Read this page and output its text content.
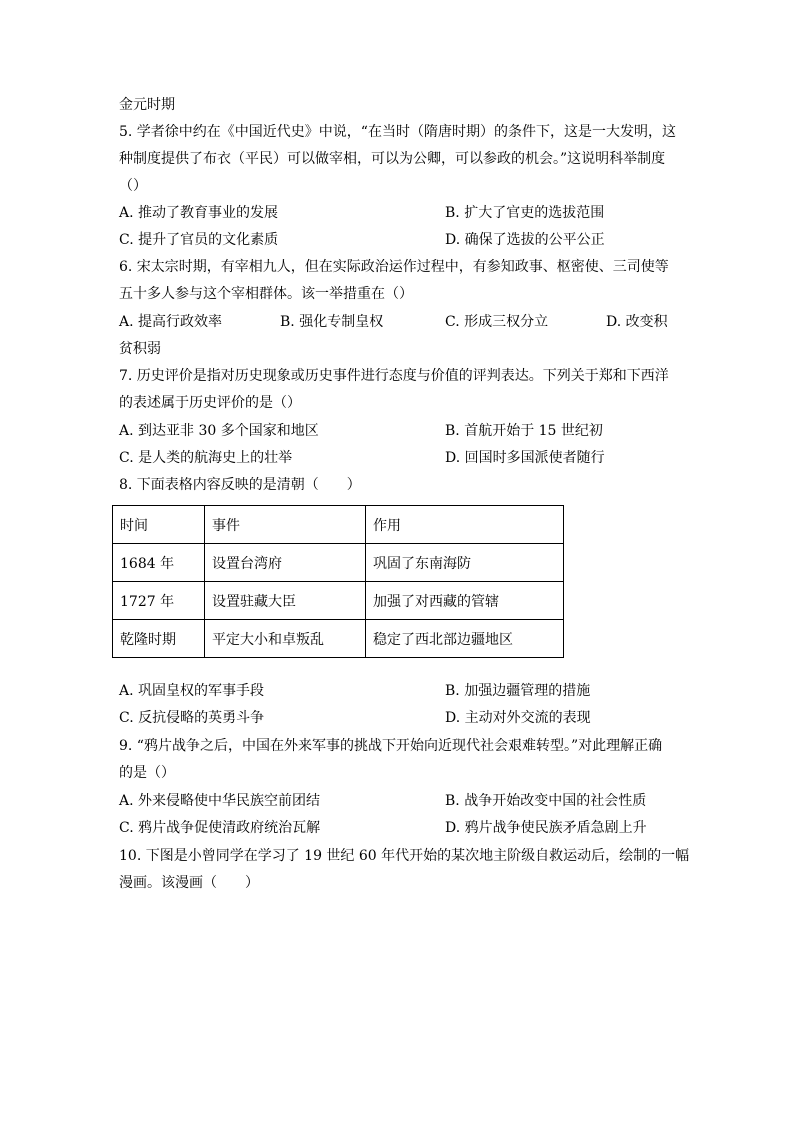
金元时期
5. 学者徐中约在《中国近代史》中说，“在当时（隋唐时期）的条件下，这是一大发明，这
种制度提供了布衣（平民）可以做宰相，可以为公卿，可以参政的机会。”这说明科举制度
（）
A. 推动了教育事业的发展	B. 扩大了官吏的选拔范围
C. 提升了官员的文化素质	D. 确保了选拔的公平公正
6. 宋太宗时期，有宰相九人，但在实际政治运作过程中，有参知政事、枢密使、三司使等
五十多人参与这个宰相群体。该一举措重在（）
A. 提高行政效率	B. 强化专制皇权	C. 形成三权分立	D. 改变积
贫积弱
7. 历史评价是指对历史现象或历史事件进行态度与价值的评判表达。下列关于郑和下西洋
的表述属于历史评价的是（）
A. 到达亚非 30 多个国家和地区	B. 首航开始于 15 世纪初
C. 是人类的航海史上的壮举	D. 回国时多国派使者随行
8. 下面表格内容反映的是清朝（　　）
时间	事件	作用
1684 年	设置台湾府	巩固了东南海防
1727 年	设置驻藏大臣	加强了对西藏的管辖
乾隆时期	平定大小和卓叛乱	稳定了西北部边疆地区
A. 巩固皇权的军事手段	B. 加强边疆管理的措施
C. 反抗侵略的英勇斗争	D. 主动对外交流的表现
9. “鸦片战争之后，中国在外来军事的挑战下开始向近现代社会艰难转型。”对此理解正确
的是（）
A. 外来侵略使中华民族空前团结	B. 战争开始改变中国的社会性质
C. 鸦片战争促使清政府统治瓦解	D. 鸦片战争使民族矛盾急剧上升
10. 下图是小曾同学在学习了 19 世纪 60 年代开始的某次地主阶级自救运动后，绘制的一幅
漫画。该漫画（　　）
